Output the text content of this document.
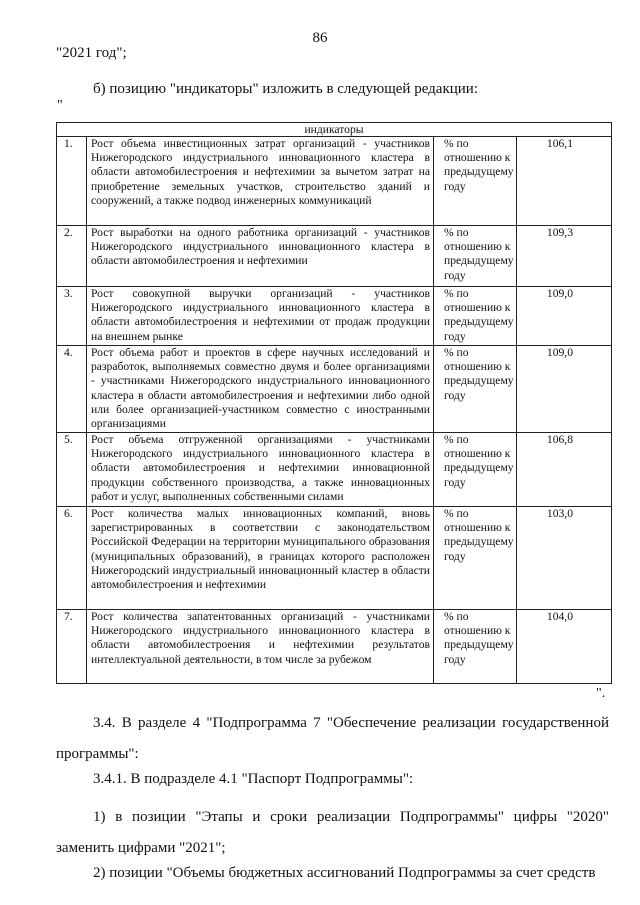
86
"2021 год";
б) позицию "индикаторы" изложить в следующей редакции:
"
индикаторы			
1.	Рост объема инвестиционных затрат организаций - участников Нижегородского индустриального инновационного кластера в области автомобилестроения и нефтехимии за вычетом затрат на приобретение земельных участков, строительство зданий и сооружений, а также подвод инженерных коммуникаций	% по отношению к предыдущему году	106,1
2.	Рост выработки на одного работника организаций - участников Нижегородского индустриального инновационного кластера в области автомобилестроения и нефтехимии	% по отношению к предыдущему году	109,3
3.	Рост совокупной выручки организаций - участников Нижегородского индустриального инновационного кластера в области автомобилестроения и нефтехимии от продаж продукции на внешнем рынке	% по отношению к предыдущему году	109,0
4.	Рост объема работ и проектов в сфере научных исследований и разработок, выполняемых совместно двумя и более организациями - участниками Нижегородского индустриального инновационного кластера в области автомобилестроения и нефтехимии либо одной или более организацией-участником совместно с иностранными организациями	% по отношению к предыдущему году	109,0
5.	Рост объема отгруженной организациями - участниками Нижегородского индустриального инновационного кластера в области автомобилестроения и нефтехимии инновационной продукции собственного производства, а также инновационных работ и услуг, выполненных собственными силами	% по отношению к предыдущему году	106,8
6.	Рост количества малых инновационных компаний, вновь зарегистрированных в соответствии с законодательством Российской Федерации на территории муниципального образования (муниципальных образований), в границах которого расположен Нижегородский индустриальный инновационный кластер в области автомобилестроения и нефтехимии	% по отношению к предыдущему году	103,0
7.	Рост количества запатентованных организаций - участниками Нижегородского индустриального инновационного кластера в области автомобилестроения и нефтехимии результатов интеллектуальной деятельности, в том числе за рубежом	% по отношению к предыдущему году	104,0
".
3.4. В разделе 4 "Подпрограмма 7 "Обеспечение реализации государственной программы":
3.4.1. В подразделе 4.1 "Паспорт Подпрограммы":
1) в позиции "Этапы и сроки реализации Подпрограммы" цифры "2020" заменить цифрами "2021";
2) позиции "Объемы бюджетных ассигнований Подпрограммы за счет средств
